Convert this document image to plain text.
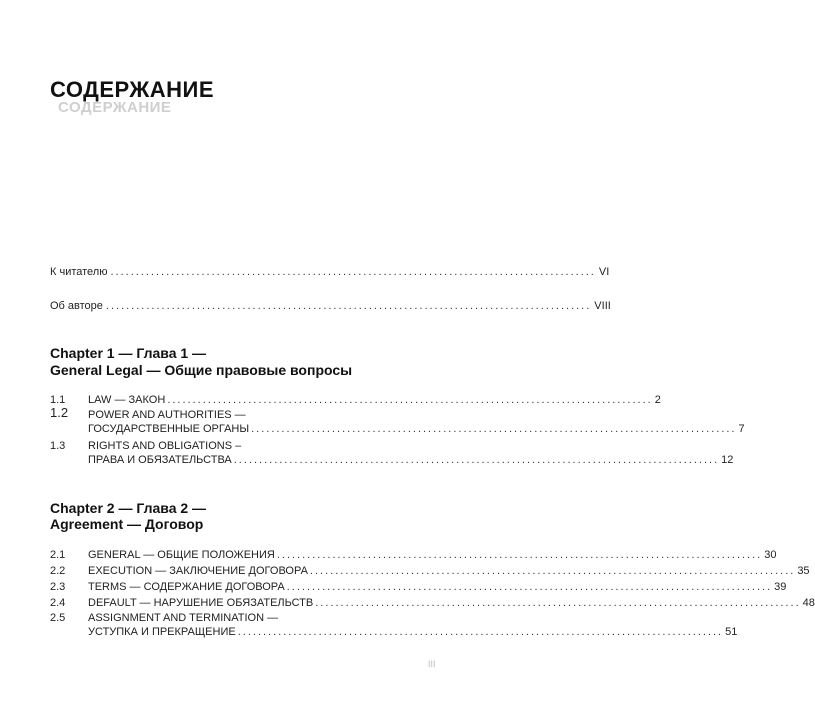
СОДЕРЖАНИЕ
СОДЕРЖАНИЕ
К читателю ................................................................................................ VI
Об авторе ................................................................................................ VIII
Chapter 1 — Глава 1 —
General Legal — Общие правовые вопросы
1.1 LAW — ЗАКОН ................................................................................................ 2
1.2 POWER AND AUTHORITIES —
ГОСУДАРСТВЕННЫЕ ОРГАНЫ ................................................................................................ 7
1.3 RIGHTS AND OBLIGATIONS –
ПРАВА И ОБЯЗАТЕЛЬСТВА ................................................................................................ 12
Chapter 2 — Глава 2 —
Agreement — Договор
2.1 GENERAL — ОБЩИЕ ПОЛОЖЕНИЯ ................................................................................................ 30
2.2 EXECUTION — ЗАКЛЮЧЕНИЕ ДОГОВОРА ................................................................................................ 35
2.3 TERMS — СОДЕРЖАНИЕ ДОГОВОРА ................................................................................................ 39
2.4 DEFAULT — НАРУШЕНИЕ ОБЯЗАТЕЛЬСТВ ................................................................................................ 48
2.5 ASSIGNMENT AND TERMINATION —
УСТУПКА И ПРЕКРАЩЕНИЕ ................................................................................................ 51
III
